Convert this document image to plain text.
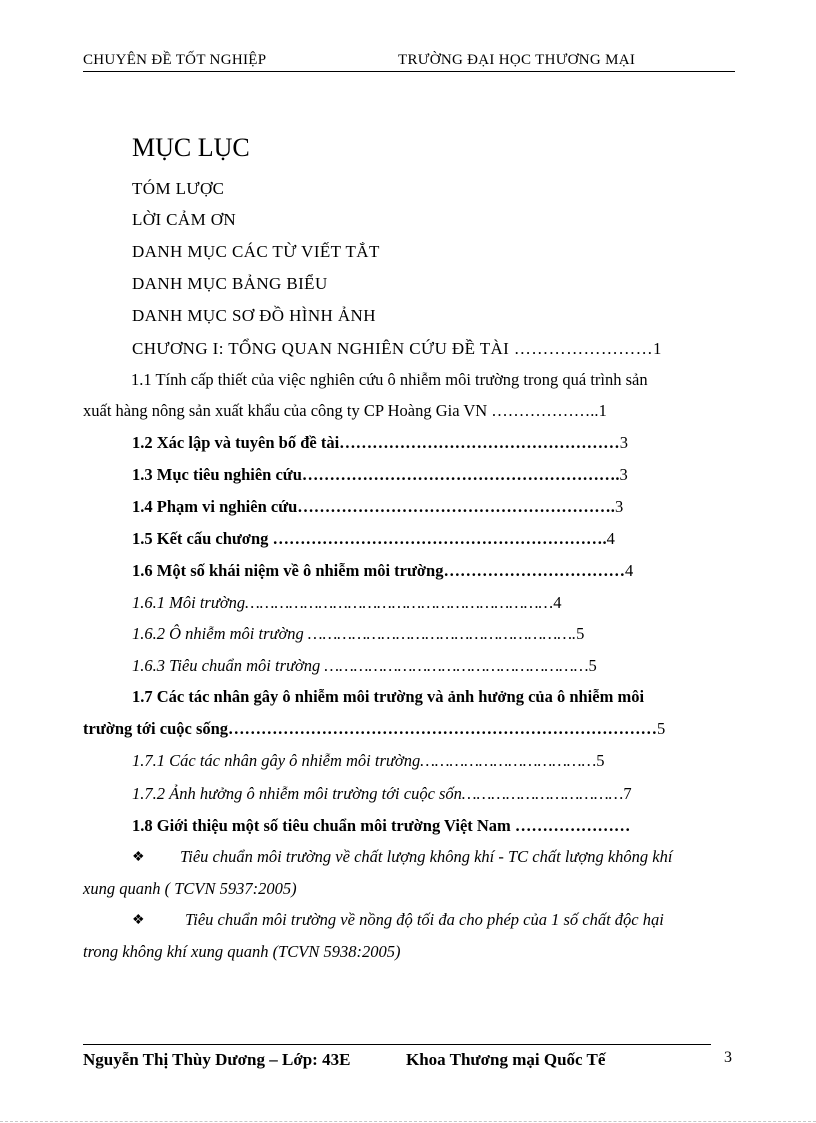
CHUYÊN ĐỀ TỐT NGHIỆP	TRƯỜNG ĐẠI HỌC THƯƠNG MẠI
MỤC LỤC
TÓM LƯỢC
LỜI CẢM ƠN
DANH MỤC CÁC TỪ VIẾT TẮT
DANH MỤC BẢNG BIỂU
DANH MỤC SƠ ĐỒ HÌNH ẢNH
CHƯƠNG I: TỔNG QUAN NGHIÊN CỨU ĐỀ TÀI ……………………1
1.1 Tính cấp thiết của việc nghiên cứu ô nhiễm môi trường trong quá trình sản
xuất hàng nông sản xuất khẩu của công ty CP Hoàng Gia VN ………………..1
1.2 Xác lập và tuyên bố đề tài……………………………………………3
1.3 Mục tiêu nghiên cứu………………………………………………….3
1.4 Phạm vi nghiên cứu………………………………………………….3
1.5 Kết cấu chương …………………………………………………….4
1.6 Một số khái niệm về ô nhiễm môi trường……………………………4
1.6.1 Môi trường………………………………………………………4
1.6.2 Ô nhiễm môi trường ……………………………………………….5
1.6.3 Tiêu chuẩn môi trường ………………………………………………5
1.7 Các tác nhân gây ô nhiễm môi trường và ảnh hưởng của ô nhiễm môi
trường tới cuộc sống……………………………………………………………………5
1.7.1 Các tác nhân gây ô nhiễm môi trường………………………………5
1.7.2 Ảnh hưởng ô nhiễm môi trường tới cuộc sốn……………………………7
1.8 Giới thiệu một số tiêu chuẩn môi trường Việt Nam …………………
❖ Tiêu chuẩn môi trường về chất lượng không khí - TC chất lượng không khí
xung quanh ( TCVN 5937:2005)
❖ Tiêu chuẩn môi trường về nồng độ tối đa cho phép của 1 số chất độc hại
trong không khí xung quanh (TCVN 5938:2005)
Nguyễn Thị Thùy Dương – Lớp: 43E	Khoa Thương mại Quốc Tế	3
